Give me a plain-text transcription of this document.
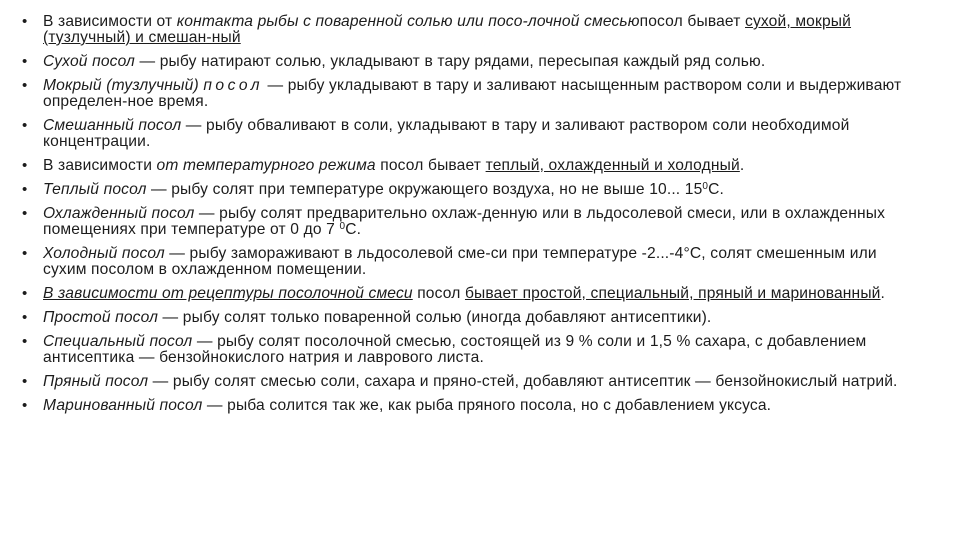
• В зависимости от контакта рыбы с поваренной солью или посо-лочной смесьюпосол бывает сухой, мокрый (тузлучный) и смешан-ный
• Сухой посол — рыбу натирают солью, укладывают в тару рядами, пересыпая каждый ряд солью.
• Мокрый (тузлучный) посол — рыбу укладывают в тару и заливают насыщенным раствором соли и выдерживают определен-ное время.
• Смешанный посол — рыбу обваливают в соли, укладывают в тару и заливают раствором соли необходимой концентрации.
• В зависимости от температурного режима посол бывает теплый, охлажденный и холодный.
• Теплый посол — рыбу солят при температуре окружающего воздуха, но не выше 10... $15^0С$.
• Охлажденный посол — рыбу солят предварительно охлаж-денную или в льдосолевой смеси, или в охлажденных помещениях при температуре от 0 до 7 $^0$С.
• Холодный посол — рыбу замораживают в льдосолевой сме-си при температуре -2...-4°С, солят смешенным или сухим посолом в охлажденном помещении.
• В зависимости от рецептуры посолочной смеси посол бывает простой, специальный, пряный и маринованный.
• Простой посол — рыбу солят только поваренной солью (иногда добавляют антисептики).
• Специальный посол — рыбу солят посолочной смесью, состоящей из 9 % соли и 1,5 % сахара, с добавлением антисептика — бензойнокислого натрия и лаврового листа.
• Пряный посол — рыбу солят смесью соли, сахара и пряно-стей, добавляют антисептик — бензойнокислый натрий.
• Маринованный посол — рыба солится так же, как рыба пряного посола, но с добавлением уксуса.
